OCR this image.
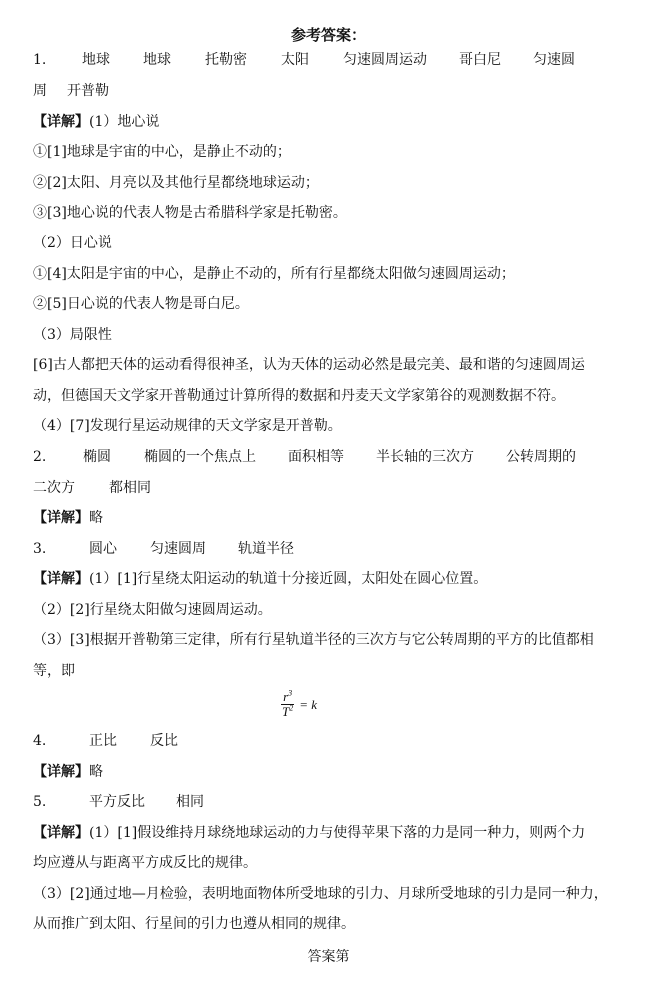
参考答案：
1.	地球 地球 托勒密 太阳 匀速圆周运动 哥白尼 匀速圆
周 开普勒
【详解】(1）地心说
①[1]地球是宇宙的中心，是静止不动的；
②[2]太阳、月亮以及其他行星都绕地球运动；
③[3]地心说的代表人物是古希腊科学家是托勒密。
（2）日心说
①[4]太阳是宇宙的中心，是静止不动的，所有行星都绕太阳做匀速圆周运动；
②[5]日心说的代表人物是哥白尼。
（3）局限性
[6]古人都把天体的运动看得很神圣，认为天体的运动必然是最完美、最和谐的匀速圆周运
动，但德国天文学家开普勒通过计算所得的数据和丹麦天文学家第谷的观测数据不符。
（4）[7]发现行星运动规律的天文学家是开普勒。
2.	椭圆 椭圆的一个焦点上 面积相等 半长轴的三次方 公转周期的
二次方 都相同
【详解】略
3.	圆心 匀速圆周 轨道半径
【详解】(1）[1]行星绕太阳运动的轨道十分接近圆，太阳处在圆心位置。
（2）[2]行星绕太阳做匀速圆周运动。
（3）[3]根据开普勒第三定律，所有行星轨道半径的三次方与它公转周期的平方的比值都相
等，即
$\frac{r^3}{T^2} = k$
4.	正比 反比
【详解】略
5.	平方反比 相同
【详解】(1）[1]假设维持月球绕地球运动的力与使得苹果下落的力是同一种力，则两个力
均应遵从与距离平方成反比的规律。
（3）[2]通过地—月检验，表明地面物体所受地球的引力、月球所受地球的引力是同一种力，
从而推广到太阳、行星间的引力也遵从相同的规律。
答案第
